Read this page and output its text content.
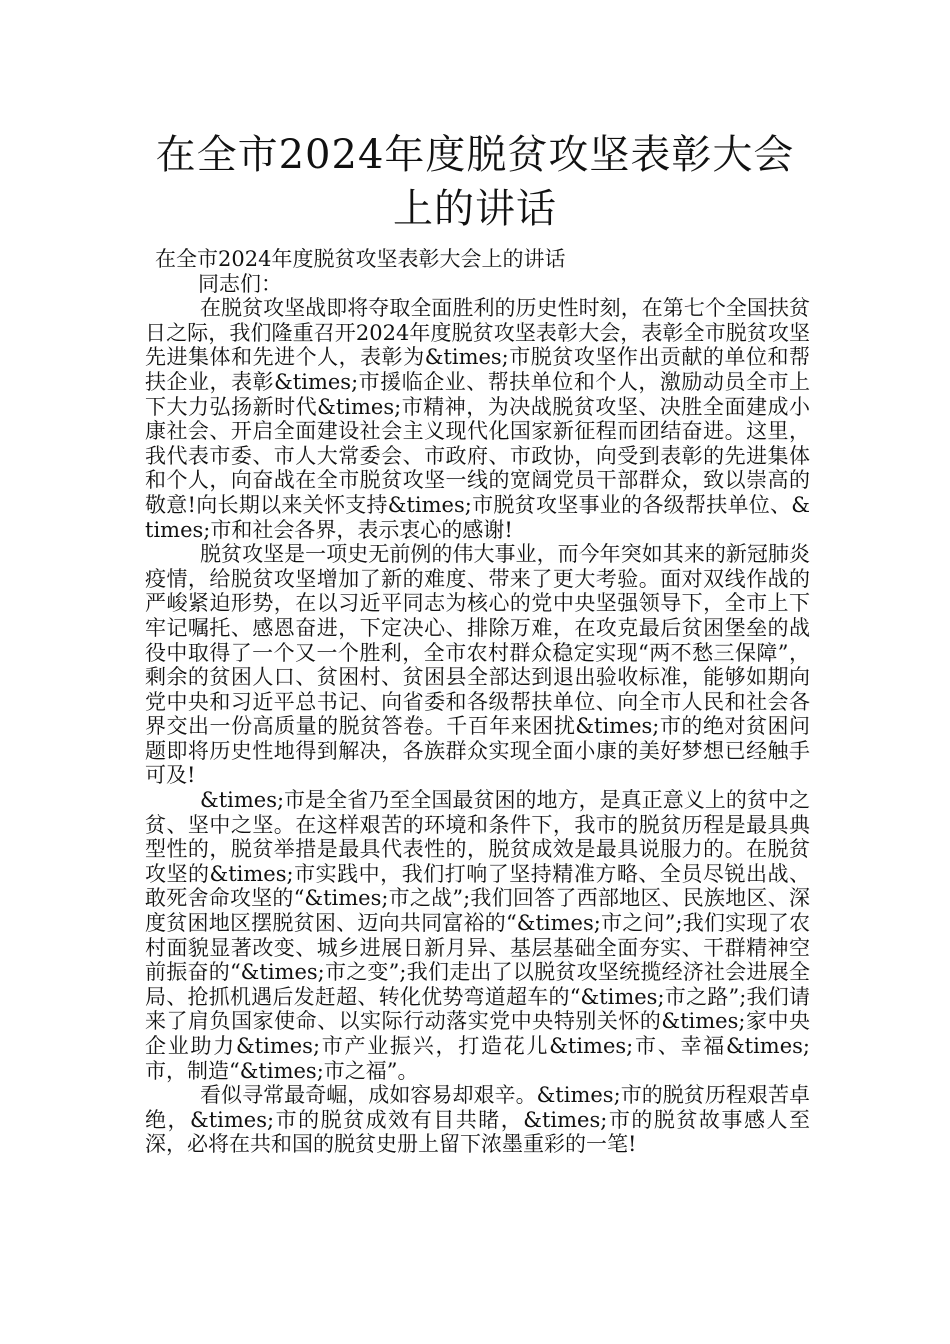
在全市2024年度脱贫攻坚表彰大会上的讲话

在全市2024年度脱贫攻坚表彰大会上的讲话

同志们：

在脱贫攻坚战即将夺取全面胜利的历史性时刻，在第七个全国扶贫日之际，我们隆重召开2024年度脱贫攻坚表彰大会，表彰全市脱贫攻坚先进集体和先进个人，表彰为&times;市脱贫攻坚作出贡献的单位和帮扶企业，表彰&times;市援临企业、帮扶单位和个人，激励动员全市上下大力弘扬新时代&times;市精神，为决战脱贫攻坚、决胜全面建成小康社会、开启全面建设社会主义现代化国家新征程而团结奋进。这里，我代表市委、市人大常委会、市政府、市政协，向受到表彰的先进集体和个人，向奋战在全市脱贫攻坚一线的宽阔党员干部群众，致以崇高的敬意!向长期以来关怀支持&times;市脱贫攻坚事业的各级帮扶单位、&times;市和社会各界，表示衷心的感谢!

脱贫攻坚是一项史无前例的伟大事业，而今年突如其来的新冠肺炎疫情，给脱贫攻坚增加了新的难度、带来了更大考验。面对双线作战的严峻紧迫形势，在以习近平同志为核心的党中央坚强领导下，全市上下牢记嘱托、感恩奋进，下定决心、排除万难，在攻克最后贫困堡垒的战役中取得了一个又一个胜利，全市农村群众稳定实现“两不愁三保障”，剩余的贫困人口、贫困村、贫困县全部达到退出验收标准，能够如期向党中央和习近平总书记、向省委和各级帮扶单位、向全市人民和社会各界交出一份高质量的脱贫答卷。千百年来困扰&times;市的绝对贫困问题即将历史性地得到解决，各族群众实现全面小康的美好梦想已经触手可及!

&times;市是全省乃至全国最贫困的地方，是真正意义上的贫中之贫、坚中之坚。在这样艰苦的环境和条件下，我市的脱贫历程是最具典型性的，脱贫举措是最具代表性的，脱贫成效是最具说服力的。在脱贫攻坚的&times;市实践中，我们打响了坚持精准方略、全员尽锐出战、敢死舍命攻坚的“&times;市之战”;我们回答了西部地区、民族地区、深度贫困地区摆脱贫困、迈向共同富裕的“&times;市之问”;我们实现了农村面貌显著改变、城乡进展日新月异、基层基础全面夯实、干群精神空前振奋的“&times;市之变”;我们走出了以脱贫攻坚统揽经济社会进展全局、抢抓机遇后发赶超、转化优势弯道超车的“&times;市之路”;我们请来了肩负国家使命、以实际行动落实党中央特别关怀的&times;家中央企业助力&times;市产业振兴，打造花儿&times;市、幸福&times;市，制造“&times;市之福”。

看似寻常最奇崛，成如容易却艰辛。&times;市的脱贫历程艰苦卓绝，&times;市的脱贫成效有目共睹，&times;市的脱贫故事感人至深，必将在共和国的脱贫史册上留下浓墨重彩的一笔!
